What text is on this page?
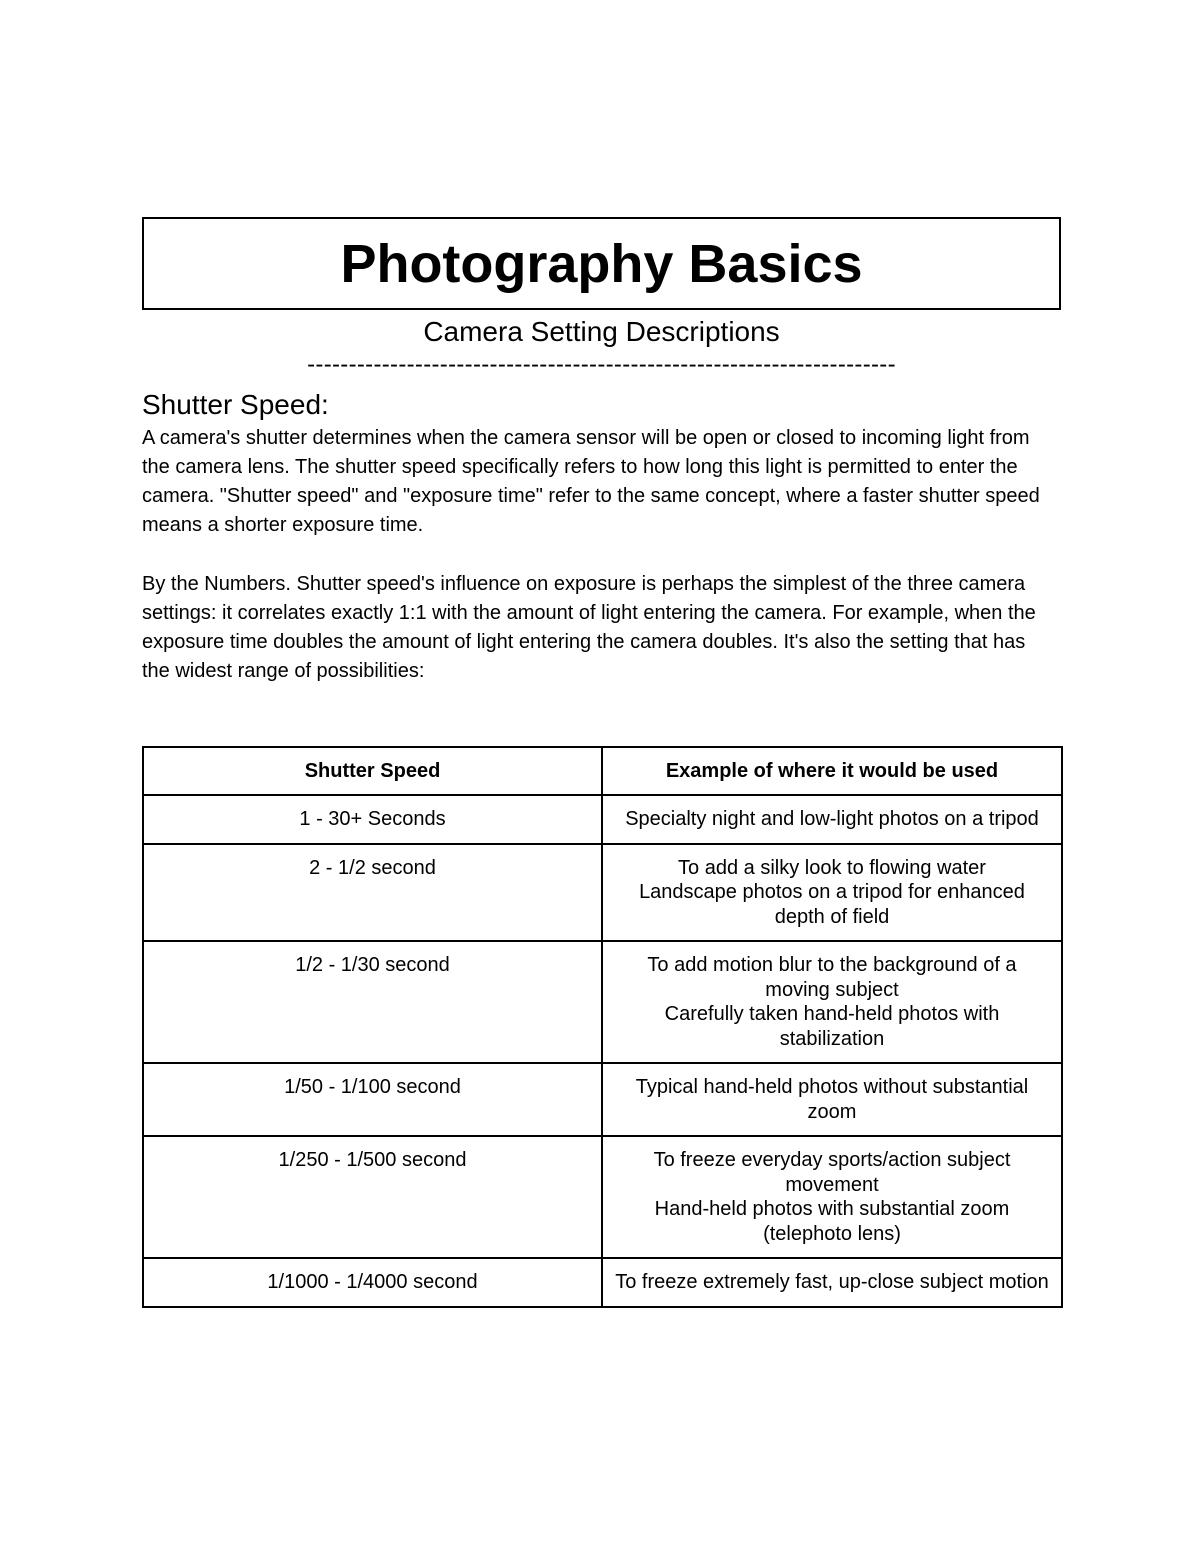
Photography Basics
Camera Setting Descriptions
-----------------------------------------------------------------------
Shutter Speed:

A camera's shutter determines when the camera sensor will be open or closed to incoming light from the camera lens. The shutter speed specifically refers to how long this light is permitted to enter the camera. "Shutter speed" and "exposure time" refer to the same concept, where a faster shutter speed means a shorter exposure time.

By the Numbers. Shutter speed's influence on exposure is perhaps the simplest of the three camera settings: it correlates exactly 1:1 with the amount of light entering the camera. For example, when the exposure time doubles the amount of light entering the camera doubles. It's also the setting that has the widest range of possibilities:

Shutter Speed	Example of where it would be used
1 - 30+ Seconds	Specialty night and low-light photos on a tripod

2 - 1/2 second	To add a silky look to flowing water
Landscape photos on a tripod for enhanced depth of field

1/2 - 1/30 second	To add motion blur to the background of a moving subject
Carefully taken hand-held photos with stabilization

1/50 - 1/100 second	Typical hand-held photos without substantial zoom

1/250 - 1/500 second	To freeze everyday sports/action subject movement
Hand-held photos with substantial zoom (telephoto lens)

1/1000 - 1/4000 second	To freeze extremely fast, up-close subject motion
